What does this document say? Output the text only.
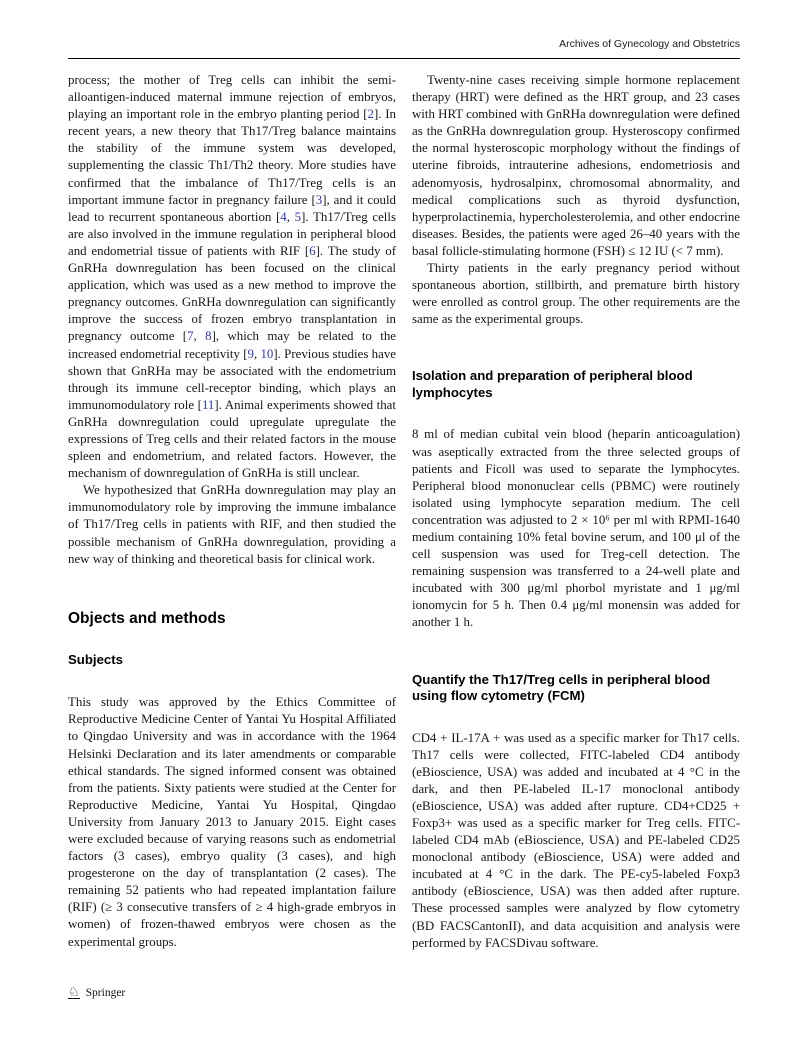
Archives of Gynecology and Obstetrics

process; the mother of Treg cells can inhibit the semi-alloantigen-induced maternal immune rejection of embryos, playing an important role in the embryo planting period [2]. In recent years, a new theory that Th17/Treg balance maintains the stability of the immune system was developed, supplementing the classic Th1/Th2 theory. More studies have confirmed that the imbalance of Th17/Treg cells is an important immune factor in pregnancy failure [3], and it could lead to recurrent spontaneous abortion [4, 5]. Th17/Treg cells are also involved in the immune regulation in peripheral blood and endometrial tissue of patients with RIF [6]. The study of GnRHa downregulation has been focused on the clinical application, which was used as a new method to improve the pregnancy outcomes. GnRHa downregulation can significantly improve the success of frozen embryo transplantation in pregnancy outcome [7, 8], which may be related to the increased endometrial receptivity [9, 10]. Previous studies have shown that GnRHa may be associated with the endometrium through its immune cell-receptor binding, which plays an immunomodulatory role [11]. Animal experiments showed that GnRHa downregulation could upregulate upregulate the expressions of Treg cells and their related factors in the mouse spleen and endometrium, and related factors. However, the mechanism of downregulation of GnRHa is still unclear.

We hypothesized that GnRHa downregulation may play an immunomodulatory role by improving the immune imbalance of Th17/Treg cells in patients with RIF, and then studied the possible mechanism of GnRHa downregulation, providing a new way of thinking and theoretical basis for clinical work.

Objects and methods
Subjects

This study was approved by the Ethics Committee of Reproductive Medicine Center of Yantai Yu Hospital Affiliated to Qingdao University and was in accordance with the 1964 Helsinki Declaration and its later amendments or comparable ethical standards. The signed informed consent was obtained from the patients. Sixty patients were studied at the Center for Reproductive Medicine, Yantai Yu Hospital, Qingdao University from January 2013 to January 2015. Eight cases were excluded because of varying reasons such as endometrial factors (3 cases), embryo quality (3 cases), and high progesterone on the day of transplantation (2 cases). The remaining 52 patients who had repeated implantation failure (RIF) (≥ 3 consecutive transfers of ≥ 4 high-grade embryos in women) of frozen-thawed embryos were chosen as the experimental groups.

Twenty-nine cases receiving simple hormone replacement therapy (HRT) were defined as the HRT group, and 23 cases with HRT combined with GnRHa downregulation were defined as the GnRHa downregulation group. Hysteroscopy confirmed the normal hysteroscopic morphology without the findings of uterine fibroids, intrauterine adhesions, endometriosis and adenomyosis, hydrosalpinx, chromosomal abnormality, and medical complications such as thyroid dysfunction, hyperprolactinemia, hypercholesterolemia, and other endocrine diseases. Besides, the patients were aged 26–40 years with the basal follicle-stimulating hormone (FSH) ≤ 12 IU (< 7 mm).

Thirty patients in the early pregnancy period without spontaneous abortion, stillbirth, and premature birth history were enrolled as control group. The other requirements are the same as the experimental groups.

Isolation and preparation of peripheral blood lymphocytes

8 ml of median cubital vein blood (heparin anticoagulation) was aseptically extracted from the three selected groups of patients and Ficoll was used to separate the lymphocytes. Peripheral blood mononuclear cells (PBMC) were routinely isolated using lymphocyte separation medium. The cell concentration was adjusted to 2 × 10⁶ per ml with RPMI-1640 medium containing 10% fetal bovine serum, and 100 μl of the cell suspension was used for Treg-cell detection. The remaining suspension was transferred to a 24-well plate and incubated with 300 μg/ml phorbol myristate and 1 μg/ml ionomycin for 5 h. Then 0.4 μg/ml monensin was added for another 1 h.

Quantify the Th17/Treg cells in peripheral blood using flow cytometry (FCM)

CD4 + IL-17A + was used as a specific marker for Th17 cells. Th17 cells were collected, FITC-labeled CD4 antibody (eBioscience, USA) was added and incubated at 4 °C in the dark, and then PE-labeled IL-17 monoclonal antibody (eBioscience, USA) was added after rupture. CD4+CD25 + Foxp3+ was used as a specific marker for Treg cells. FITC-labeled CD4 mAb (eBioscience, USA) and PE-labeled CD25 monoclonal antibody (eBioscience, USA) were added and incubated at 4 °C in the dark. The PE-cy5-labeled Foxp3 antibody (eBioscience, USA) was then added after rupture. These processed samples were analyzed by flow cytometry (BD FACSCantonII), and data acquisition and analysis were performed by FACSDivau software.

♘ Springer
